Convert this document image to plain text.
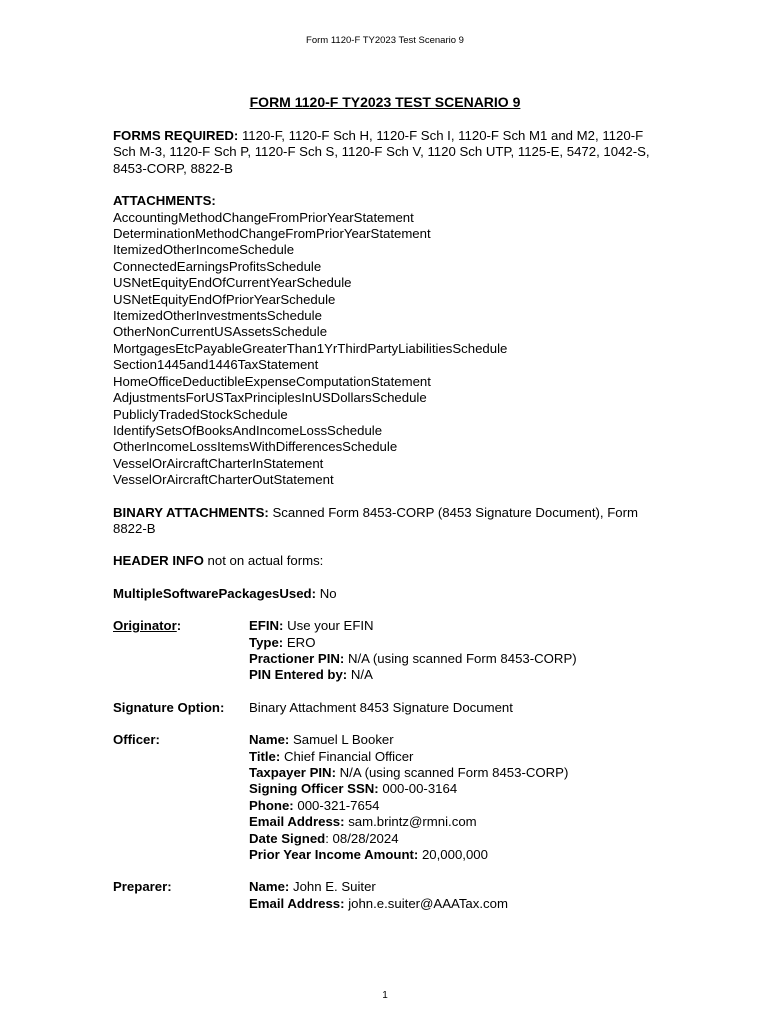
Form 1120-F TY2023 Test Scenario 9
FORM 1120-F TY2023 TEST SCENARIO 9

FORMS REQUIRED: 1120-F, 1120-F Sch H, 1120-F Sch I, 1120-F Sch M1 and M2, 1120-F Sch M-3, 1120-F Sch P, 1120-F Sch S, 1120-F Sch V, 1120 Sch UTP, 1125-E, 5472, 1042-S, 8453-CORP, 8822-B

ATTACHMENTS:
AccountingMethodChangeFromPriorYearStatement
DeterminationMethodChangeFromPriorYearStatement
ItemizedOtherIncomeSchedule
ConnectedEarningsProfitsSchedule
USNetEquityEndOfCurrentYearSchedule
USNetEquityEndOfPriorYearSchedule
ItemizedOtherInvestmentsSchedule
OtherNonCurrentUSAssetsSchedule
MortgagesEtcPayableGreaterThan1YrThirdPartyLiabilitiesSchedule
Section1445and1446TaxStatement
HomeOfficeDeductibleExpenseComputationStatement
AdjustmentsForUSTaxPrinciplesInUSDollarsSchedule
PubliclyTradedStockSchedule
IdentifySetsOfBooksAndIncomeLossSchedule
OtherIncomeLossItemsWithDifferencesSchedule
VesselOrAircraftCharterInStatement
VesselOrAircraftCharterOutStatement

BINARY ATTACHMENTS: Scanned Form 8453-CORP (8453 Signature Document), Form 8822-B

HEADER INFO not on actual forms:

MultipleSoftwarePackagesUsed: No

Originator:	EFIN: Use your EFIN
Type: ERO
Practioner PIN: N/A (using scanned Form 8453-CORP)
PIN Entered by: N/A
Signature Option:	Binary Attachment 8453 Signature Document
Officer:	Name: Samuel L Booker
Title: Chief Financial Officer
Taxpayer PIN: N/A (using scanned Form 8453-CORP)
Signing Officer SSN: 000-00-3164
Phone: 000-321-7654
Email Address: sam.brintz@rmni.com
Date Signed: 08/28/2024
Prior Year Income Amount: 20,000,000
Preparer:	Name: John E. Suiter
Email Address: john.e.suiter@AAATax.com
1
